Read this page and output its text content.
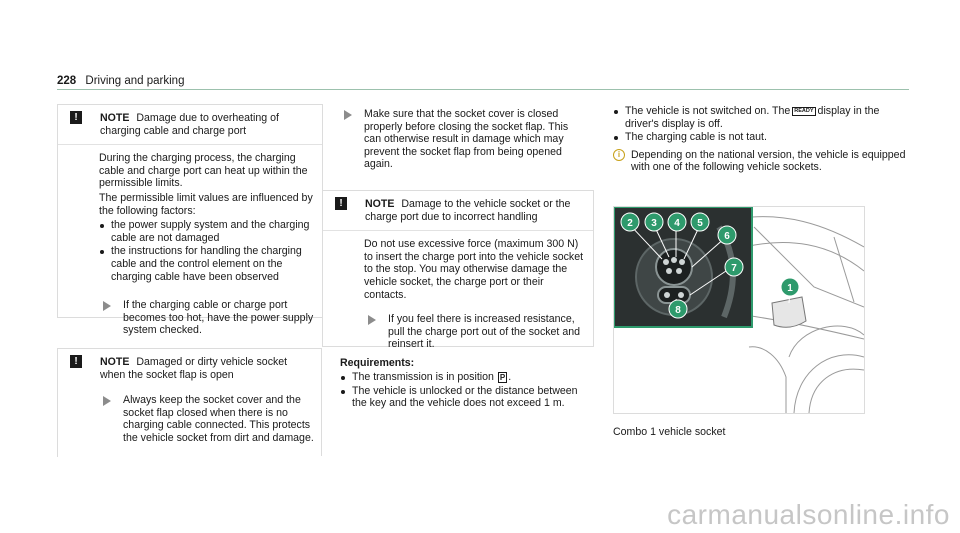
228 Driving and parking
!	NOTE Damage due to overheating of
charging cable and charge port
During the charging process, the charging cable and charge port can heat up within the permissible limits.
The permissible limit values are influenced by the following factors:
the power supply system and the charging cable are not damaged
the instructions for handling the charging cable and the control element on the charging cable have been observed
If the charging cable or charge port becomes too hot, have the power supply system checked.
!	NOTE Damaged or dirty vehicle socket
when the socket flap is open
Always keep the socket cover and the socket flap closed when there is no charging cable connected. This protects the vehicle socket from dirt and damage.
Make sure that the socket cover is closed properly before closing the socket flap. This can otherwise result in damage which may prevent the socket flap from being opened again.
!	NOTE Damage to the vehicle socket or the
charge port due to incorrect handling
Do not use excessive force (maximum 300 N) to insert the charge port into the vehicle socket to the stop. You may otherwise damage the vehicle socket, the charge port or their contacts.
If you feel there is increased resistance, pull the charge port out of the socket and reinsert it.
Requirements:
The transmission is in position P .
The vehicle is unlocked or the distance between the key and the vehicle does not exceed 1 m.
The vehicle is not switched on. The READY display in the driver's display is off.
The charging cable is not taut.
i	Depending on the national version, the vehicle is equipped with one of the following vehicle sockets.
2 3 4 5
6
7
8
1
Combo 1 vehicle socket
carmanualsonline.info
